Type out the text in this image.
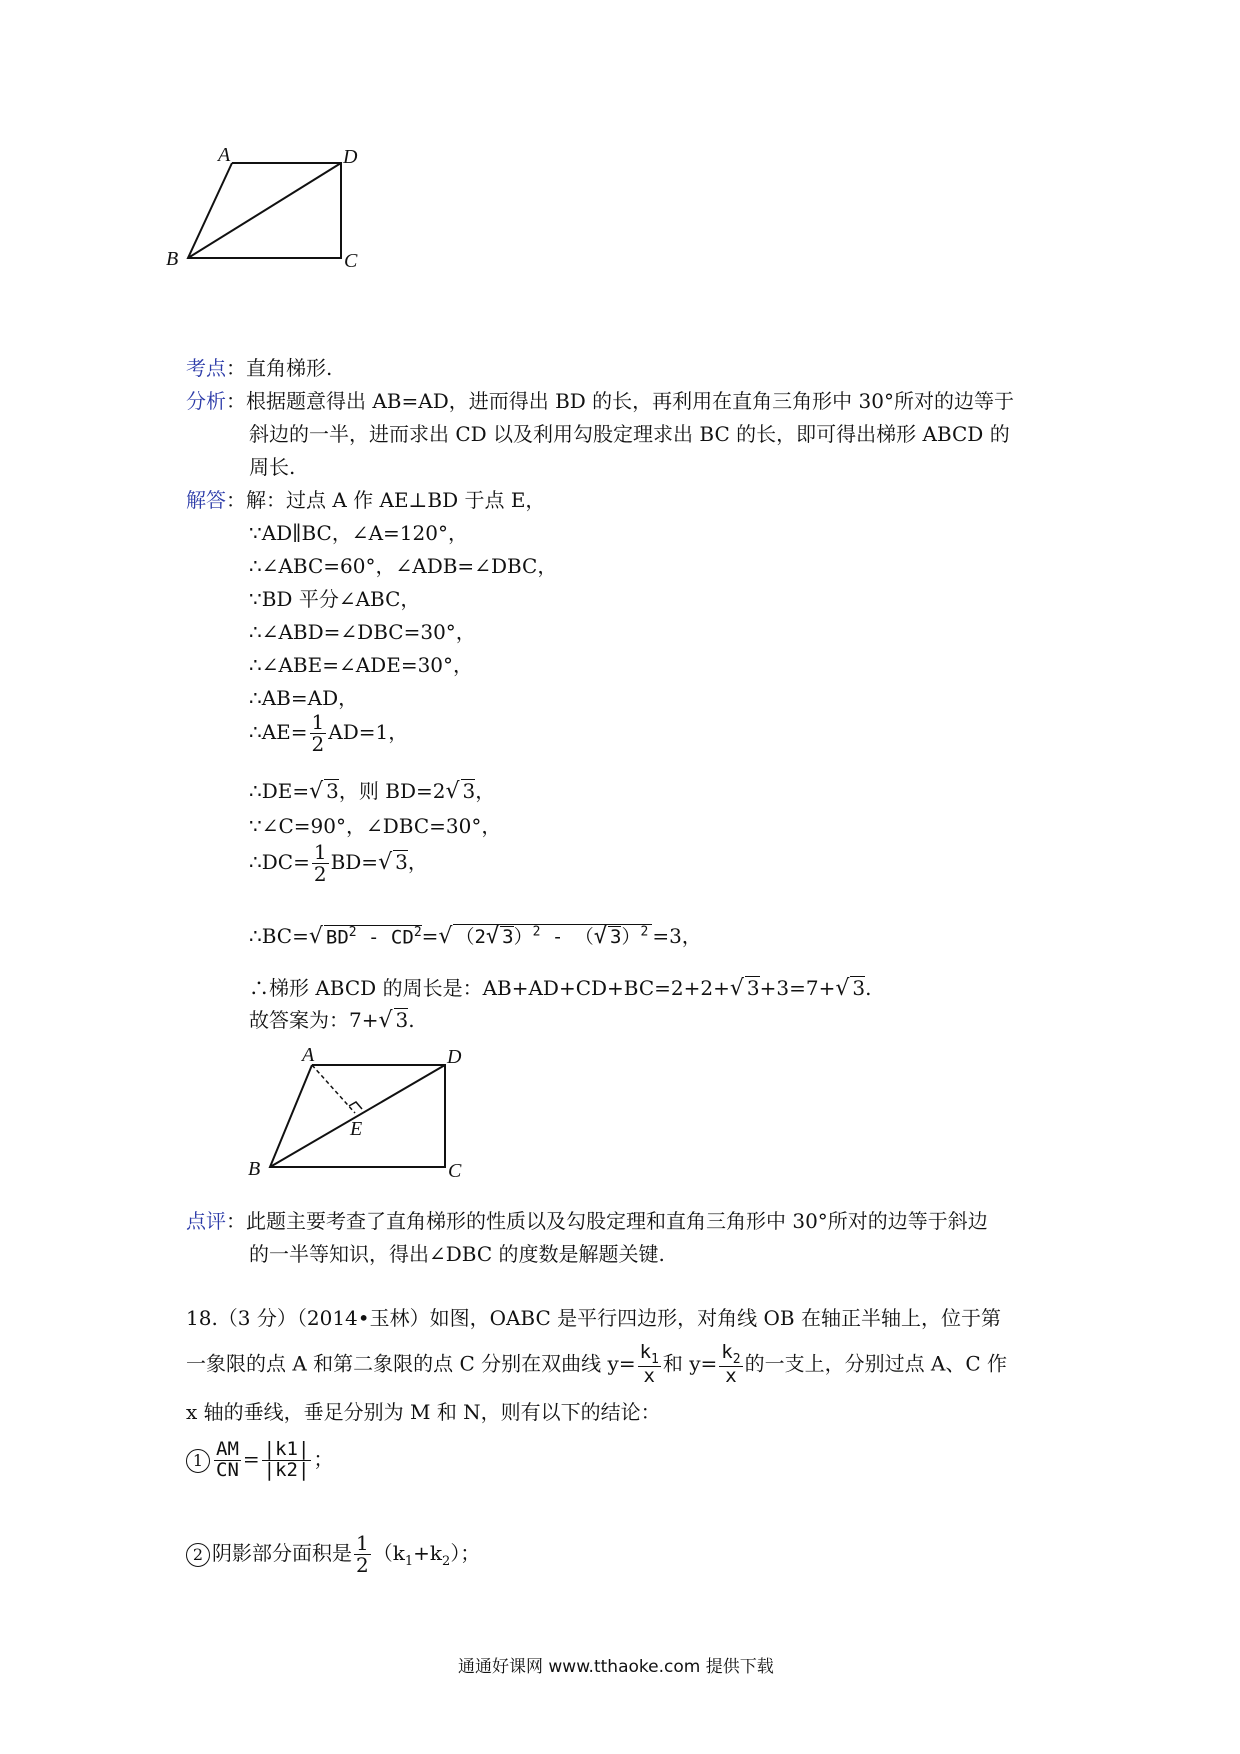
A	D
B	C
考点：直角梯形.
分析：根据题意得出 AB=AD，进而得出 BD 的长，再利用在直角三角形中 30°所对的边等于
斜边的一半，进而求出 CD 以及利用勾股定理求出 BC 的长，即可得出梯形 ABCD 的
周长.
解答：解：过点 A 作 AE⊥BD 于点 E，
∵AD∥BC，∠A=120°，
∴∠ABC=60°，∠ADB=∠DBC，
∵BD 平分∠ABC，
∴∠ABD=∠DBC=30°，
∴∠ABE=∠ADE=30°，
∴AB=AD，
∴AE= $\frac{1}{2} AD=1$，
∴DE=√ 3，则 BD=2√ 3，
∵∠C=90°，∠DBC=30°，
∴DC= $\frac{1}{2} BD=√$ 3，
∴BC=√ $BD^2 - CD^2=√$ （2√ 3）$^2$ - （√ 3）$^2$ =3，
∴梯形 ABCD 的周长是：AB+AD+CD+BC=2+2+√ 3+3=7+√ 3.
故答案为：7+√ 3.
A	D
E
B	C
点评：此题主要考查了直角梯形的性质以及勾股定理和直角三角形中 30°所对的边等于斜边
的一半等知识，得出∠DBC 的度数是解题关键.
18.（3 分）（2014•玉林）如图，OABC 是平行四边形，对角线 OB 在轴正半轴上，位于第
一象限的点 A 和第二象限的点 C 分别在双曲线 $y= \frac{k_1}{x}$ 和 $y= \frac{k_2}{x}$ 的一支上，分别过点 A、C 作
x 轴的垂线，垂足分别为 M 和 N，则有以下的结论：
$1 \frac{AM}{CN} = \frac{|k1|}{|k2|}$ ；
2 阴影部分面积是 $\frac{1}{2} (k_1+k_2)$；
通通好课网 www.tthaoke.com 提供下载
